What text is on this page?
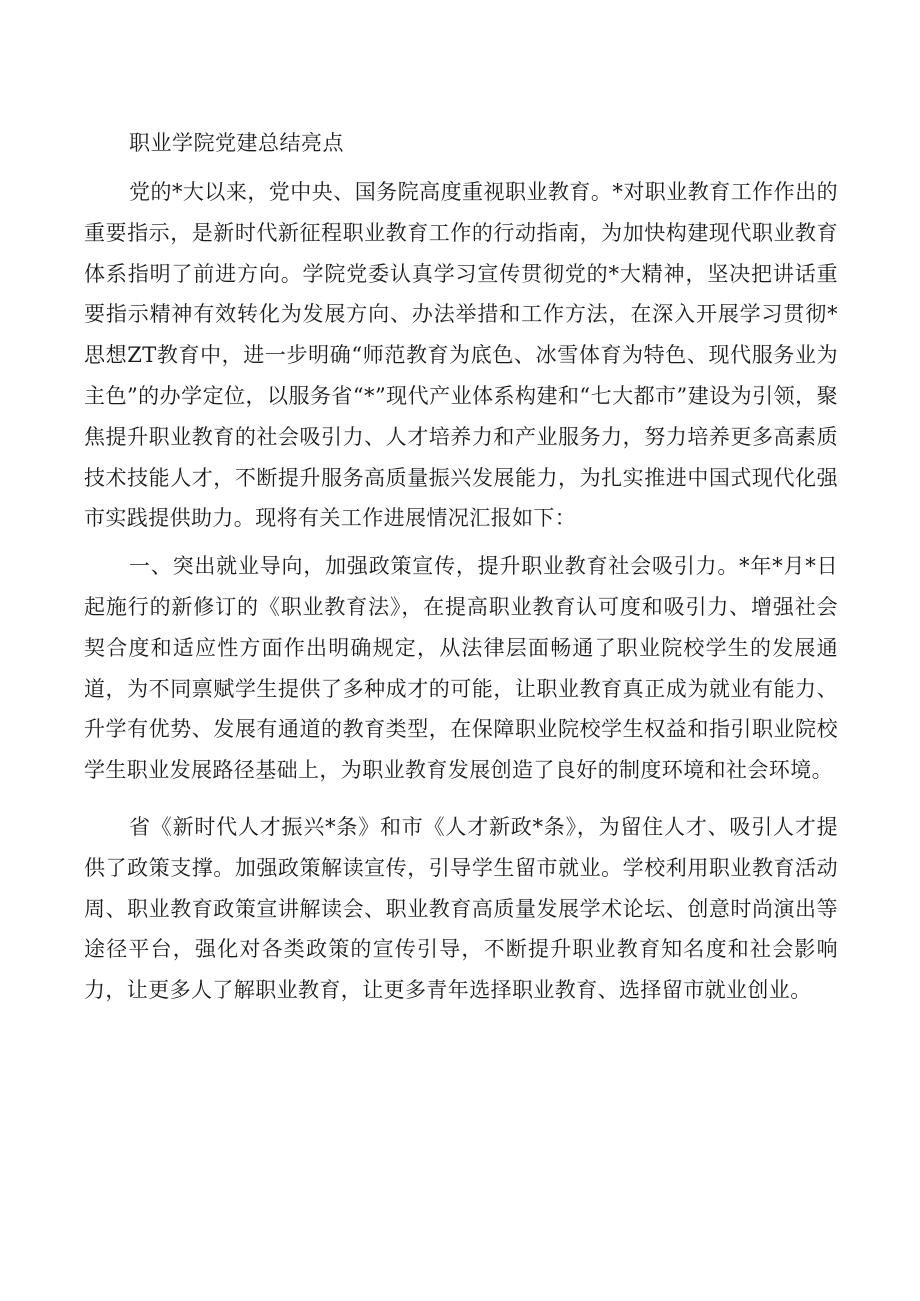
职业学院党建总结亮点

党的*大以来，党中央、国务院高度重视职业教育。*对职业教育工作作出的重要指示，是新时代新征程职业教育工作的行动指南，为加快构建现代职业教育体系指明了前进方向。学院党委认真学习宣传贯彻党的*大精神，坚决把讲话重要指示精神有效转化为发展方向、办法举措和工作方法，在深入开展学习贯彻*思想ZT教育中，进一步明确“师范教育为底色、冰雪体育为特色、现代服务业为主色”的办学定位，以服务省“*”现代产业体系构建和“七大都市”建设为引领，聚焦提升职业教育的社会吸引力、人才培养力和产业服务力，努力培养更多高素质技术技能人才，不断提升服务高质量振兴发展能力，为扎实推进中国式现代化强市实践提供助力。现将有关工作进展情况汇报如下：

一、突出就业导向，加强政策宣传，提升职业教育社会吸引力。*年*月*日起施行的新修订的《职业教育法》，在提高职业教育认可度和吸引力、增强社会契合度和适应性方面作出明确规定，从法律层面畅通了职业院校学生的发展通道，为不同禀赋学生提供了多种成才的可能，让职业教育真正成为就业有能力、升学有优势、发展有通道的教育类型，在保障职业院校学生权益和指引职业院校学生职业发展路径基础上，为职业教育发展创造了良好的制度环境和社会环境。

省《新时代人才振兴*条》和市《人才新政*条》，为留住人才、吸引人才提供了政策支撑。加强政策解读宣传，引导学生留市就业。学校利用职业教育活动周、职业教育政策宣讲解读会、职业教育高质量发展学术论坛、创意时尚演出等途径平台，强化对各类政策的宣传引导，不断提升职业教育知名度和社会影响力，让更多人了解职业教育，让更多青年选择职业教育、选择留市就业创业。
